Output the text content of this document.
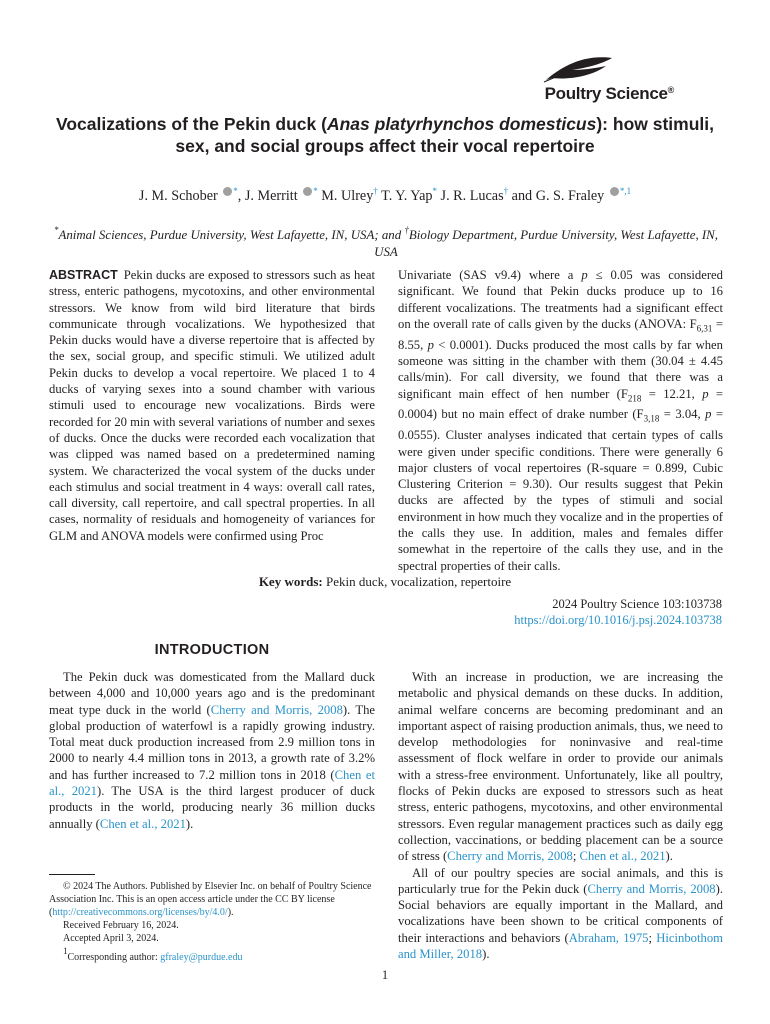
Poultry Science®
Vocalizations of the Pekin duck (Anas platyrhynchos domesticus): how stimuli, sex, and social groups affect their vocal repertoire
J. M. Schober *, J. Merritt * M. Ulrey† T. Y. Yap* J. R. Lucas† and G. S. Fraley $^{*,1}$
*Animal Sciences, Purdue University, West Lafayette, IN, USA; and †Biology Department, Purdue University, West Lafayette, IN, USA
ABSTRACT Pekin ducks are exposed to stressors such as heat stress, enteric pathogens, mycotoxins, and other environmental stressors. We know from wild bird literature that birds communicate through vocalizations. We hypothesized that Pekin ducks would have a diverse repertoire that is affected by the sex, social group, and specific stimuli. We utilized adult Pekin ducks to develop a vocal repertoire. We placed 1 to 4 ducks of varying sexes into a sound chamber with various stimuli used to encourage new vocalizations. Birds were recorded for 20 min with several variations of number and sexes of ducks. Once the ducks were recorded each vocalization that was clipped was named based on a predetermined naming system. We characterized the vocal system of the ducks under each stimulus and social treatment in 4 ways: overall call rates, call diversity, call repertoire, and call spectral properties. In all cases, normality of residuals and homogeneity of variances for GLM and ANOVA models were confirmed using Proc
Univariate (SAS v9.4) where a p ≤ 0.05 was considered significant. We found that Pekin ducks produce up to 16 different vocalizations. The treatments had a significant effect on the overall rate of calls given by the ducks (ANOVA: $F_{6,31} = 8.55$, p < 0.0001). Ducks produced the most calls by far when someone was sitting in the chamber with them (30.04 ± 4.45 calls/min). For call diversity, we found that there was a significant main effect of hen number ($F_{218} = 12.21$, p = 0.0004) but no main effect of drake number ($F_{3,18} = 3.04$, p = 0.0555). Cluster analyses indicated that certain types of calls were given under specific conditions. There were generally 6 major clusters of vocal repertoires (R-square = 0.899, Cubic Clustering Criterion = 9.30). Our results suggest that Pekin ducks are affected by the types of stimuli and social environment in how much they vocalize and in the properties of the calls they use. In addition, males and females differ somewhat in the repertoire of the calls they use, and in the spectral properties of their calls.
Key words: Pekin duck, vocalization, repertoire
2024 Poultry Science 103:103738
https://doi.org/10.1016/j.psj.2024.103738
INTRODUCTION

The Pekin duck was domesticated from the Mallard duck between 4,000 and 10,000 years ago and is the predominant meat type duck in the world (Cherry and Morris, 2008). The global production of waterfowl is a rapidly growing industry. Total meat duck production increased from 2.9 million tons in 2000 to nearly 4.4 million tons in 2013, a growth rate of 3.2% and has further increased to 7.2 million tons in 2018 (Chen et al., 2021). The USA is the third largest producer of duck products in the world, producing nearly 36 million ducks annually (Chen et al., 2021).

With an increase in production, we are increasing the metabolic and physical demands on these ducks. In addition, animal welfare concerns are becoming predominant and an important aspect of raising production animals, thus, we need to develop methodologies for noninvasive and real-time assessment of flock welfare in order to provide our animals with a stress-free environment. Unfortunately, like all poultry, flocks of Pekin ducks are exposed to stressors such as heat stress, enteric pathogens, mycotoxins, and other environmental stressors. Even regular management practices such as daily egg collection, vaccinations, or bedding placement can be a source of stress (Cherry and Morris, 2008; Chen et al., 2021).

All of our poultry species are social animals, and this is particularly true for the Pekin duck (Cherry and Morris, 2008). Social behaviors are equally important in the Mallard, and vocalizations have been shown to be critical components of their interactions and behaviors (Abraham, 1975; Hicinbothom and Miller, 2018).

© 2024 The Authors. Published by Elsevier Inc. on behalf of Poultry Science Association Inc. This is an open access article under the CC BY license (http://creativecommons.org/licenses/by/4.0/).

Received February 16, 2024.

Accepted April 3, 2024.

1Corresponding author: gfraley@purdue.edu

1
